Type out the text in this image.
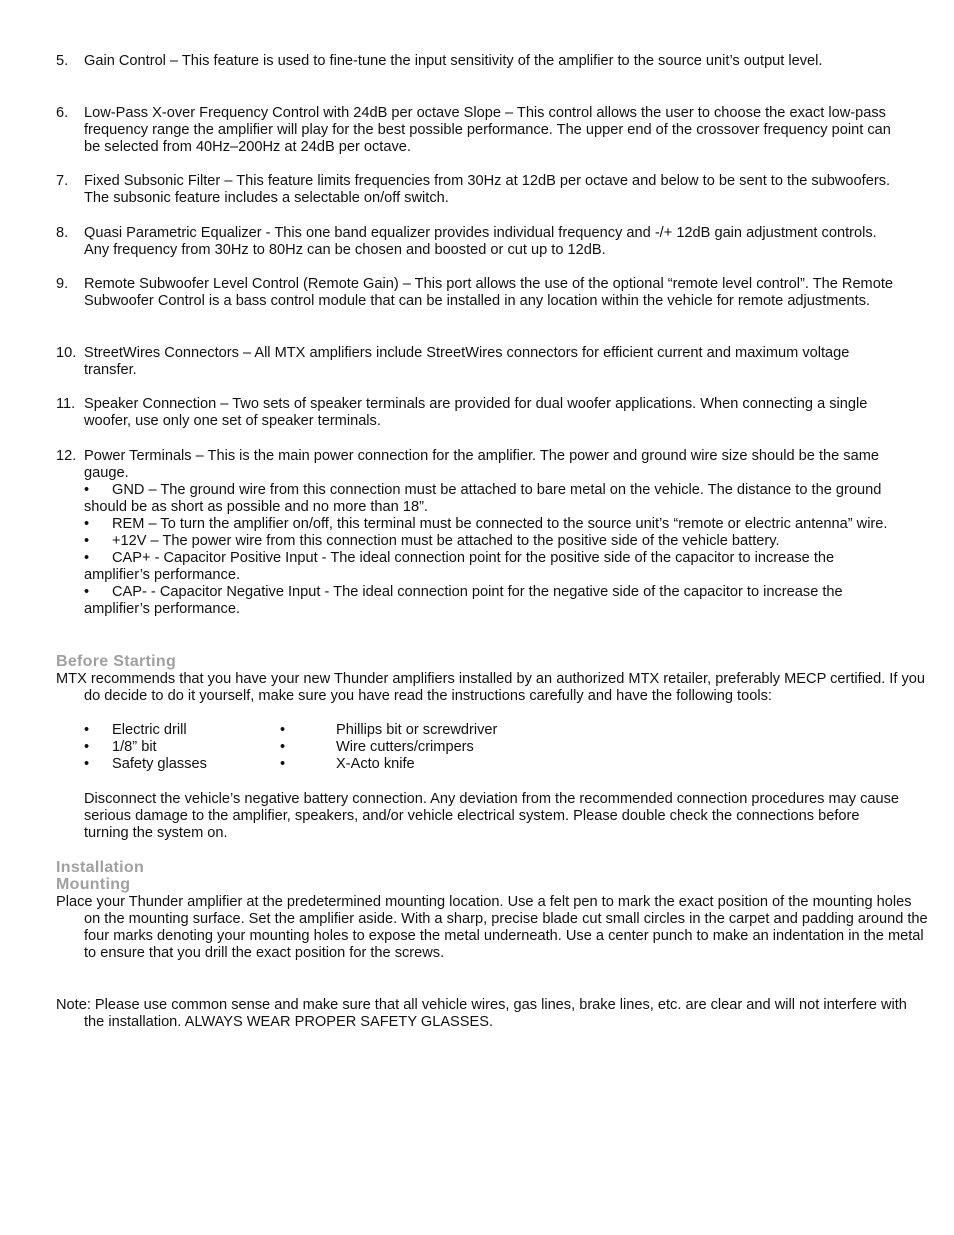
5.	Gain Control – This feature is used to fine-tune the input sensitivity of the amplifier to the source unit’s output level.
6.	Low-Pass X-over Frequency Control with 24dB per octave Slope – This control allows the user to choose the exact low-pass frequency range the amplifier will play for the best possible performance. The upper end of the crossover frequency point can be selected from 40Hz–200Hz at 24dB per octave.
7.	Fixed Subsonic Filter – This feature limits frequencies from 30Hz at 12dB per octave and below to be sent to the subwoofers. The subsonic feature includes a selectable on/off switch.
8.	Quasi Parametric Equalizer - This one band equalizer provides individual frequency and -/+ 12dB gain adjustment controls. Any frequency from 30Hz to 80Hz can be chosen and boosted or cut up to 12dB.
9.	Remote Subwoofer Level Control (Remote Gain) – This port allows the use of the optional “remote level control”. The Remote Subwoofer Control is a bass control module that can be installed in any location within the vehicle for remote adjustments.
10. StreetWires Connectors – All MTX amplifiers include StreetWires connectors for efficient current and maximum voltage transfer.
11. Speaker Connection – Two sets of speaker terminals are provided for dual woofer applications. When connecting a single woofer, use only one set of speaker terminals.
12. Power Terminals – This is the main power connection for the amplifier. The power and ground wire size should be the same gauge.
• GND – The ground wire from this connection must be attached to bare metal on the vehicle. The distance to the ground should be as short as possible and no more than 18”.
• REM – To turn the amplifier on/off, this terminal must be connected to the source unit’s “remote or electric antenna” wire.
• +12V – The power wire from this connection must be attached to the positive side of the vehicle battery.
• CAP+ - Capacitor Positive Input - The ideal connection point for the positive side of the capacitor to increase the amplifier’s performance.
• CAP- - Capacitor Negative Input - The ideal connection point for the negative side of the capacitor to increase the amplifier’s performance.
Before Starting
MTX recommends that you have your new Thunder amplifiers installed by an authorized MTX retailer, preferably MECP certified. If you do decide to do it yourself, make sure you have read the instructions carefully and have the following tools:
• Electric drill	•	Phillips bit or screwdriver
• 1/8” bit	•	Wire cutters/crimpers
• Safety glasses	•	X-Acto knife
Disconnect the vehicle’s negative battery connection. Any deviation from the recommended connection procedures may cause serious damage to the amplifier, speakers, and/or vehicle electrical system. Please double check the connections before turning the system on.
Installation
Mounting
Place your Thunder amplifier at the predetermined mounting location. Use a felt pen to mark the exact position of the mounting holes on the mounting surface. Set the amplifier aside. With a sharp, precise blade cut small circles in the carpet and padding around the four marks denoting your mounting holes to expose the metal underneath. Use a center punch to make an indentation in the metal to ensure that you drill the exact position for the screws.
Note: Please use common sense and make sure that all vehicle wires, gas lines, brake lines, etc. are clear and will not interfere with the installation. ALWAYS WEAR PROPER SAFETY GLASSES.
